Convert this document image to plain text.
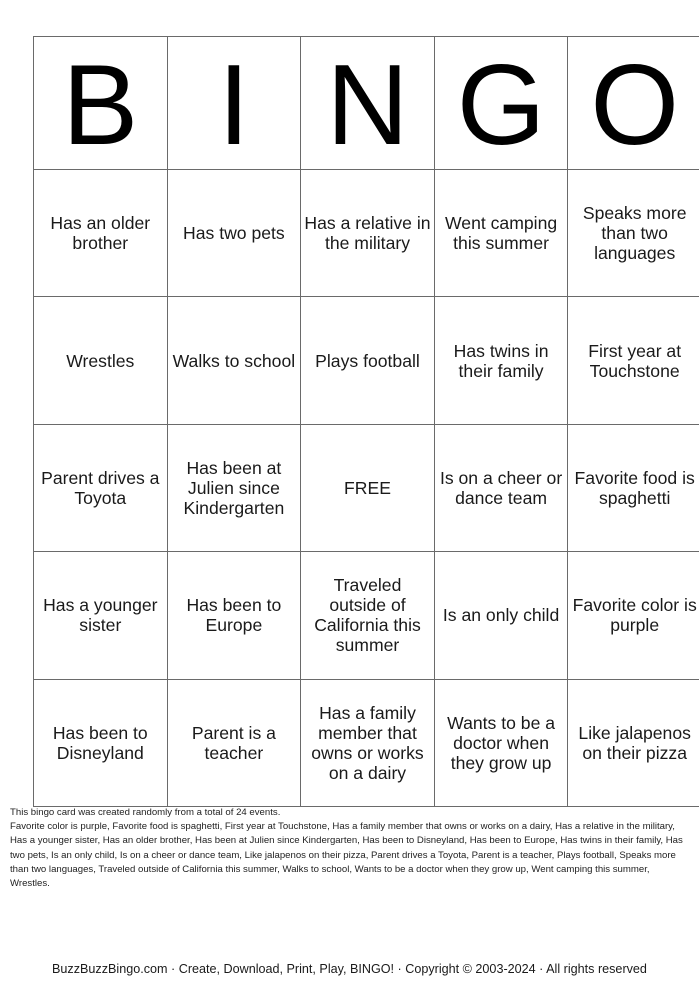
B	I	N	G	O
Has an older brother	Has two pets	Has a relative in the military	Went camping this summer	Speaks more than two languages
Wrestles	Walks to school	Plays football	Has twins in their family	First year at Touchstone
Parent drives a Toyota	Has been at Julien since Kindergarten	FREE	Is on a cheer or dance team	Favorite food is spaghetti
Has a younger sister	Has been to Europe	Traveled outside of California this summer	Is an only child	Favorite color is purple
Has been to Disneyland	Parent is a teacher	Has a family member that owns or works on a dairy	Wants to be a doctor when they grow up	Like jalapenos on their pizza

This bingo card was created randomly from a total of 24 events.

Favorite color is purple, Favorite food is spaghetti, First year at Touchstone, Has a family member that owns or works on a dairy, Has a relative in the military, Has a younger sister, Has an older brother, Has been at Julien since Kindergarten, Has been to Disneyland, Has been to Europe, Has twins in their family, Has two pets, Is an only child, Is on a cheer or dance team, Like jalapenos on their pizza, Parent drives a Toyota, Parent is a teacher, Plays football, Speaks more than two languages, Traveled outside of California this summer, Walks to school, Wants to be a doctor when they grow up, Went camping this summer, Wrestles.

BuzzBuzzBingo.com · Create, Download, Print, Play, BINGO! · Copyright © 2003-2024 · All rights reserved
